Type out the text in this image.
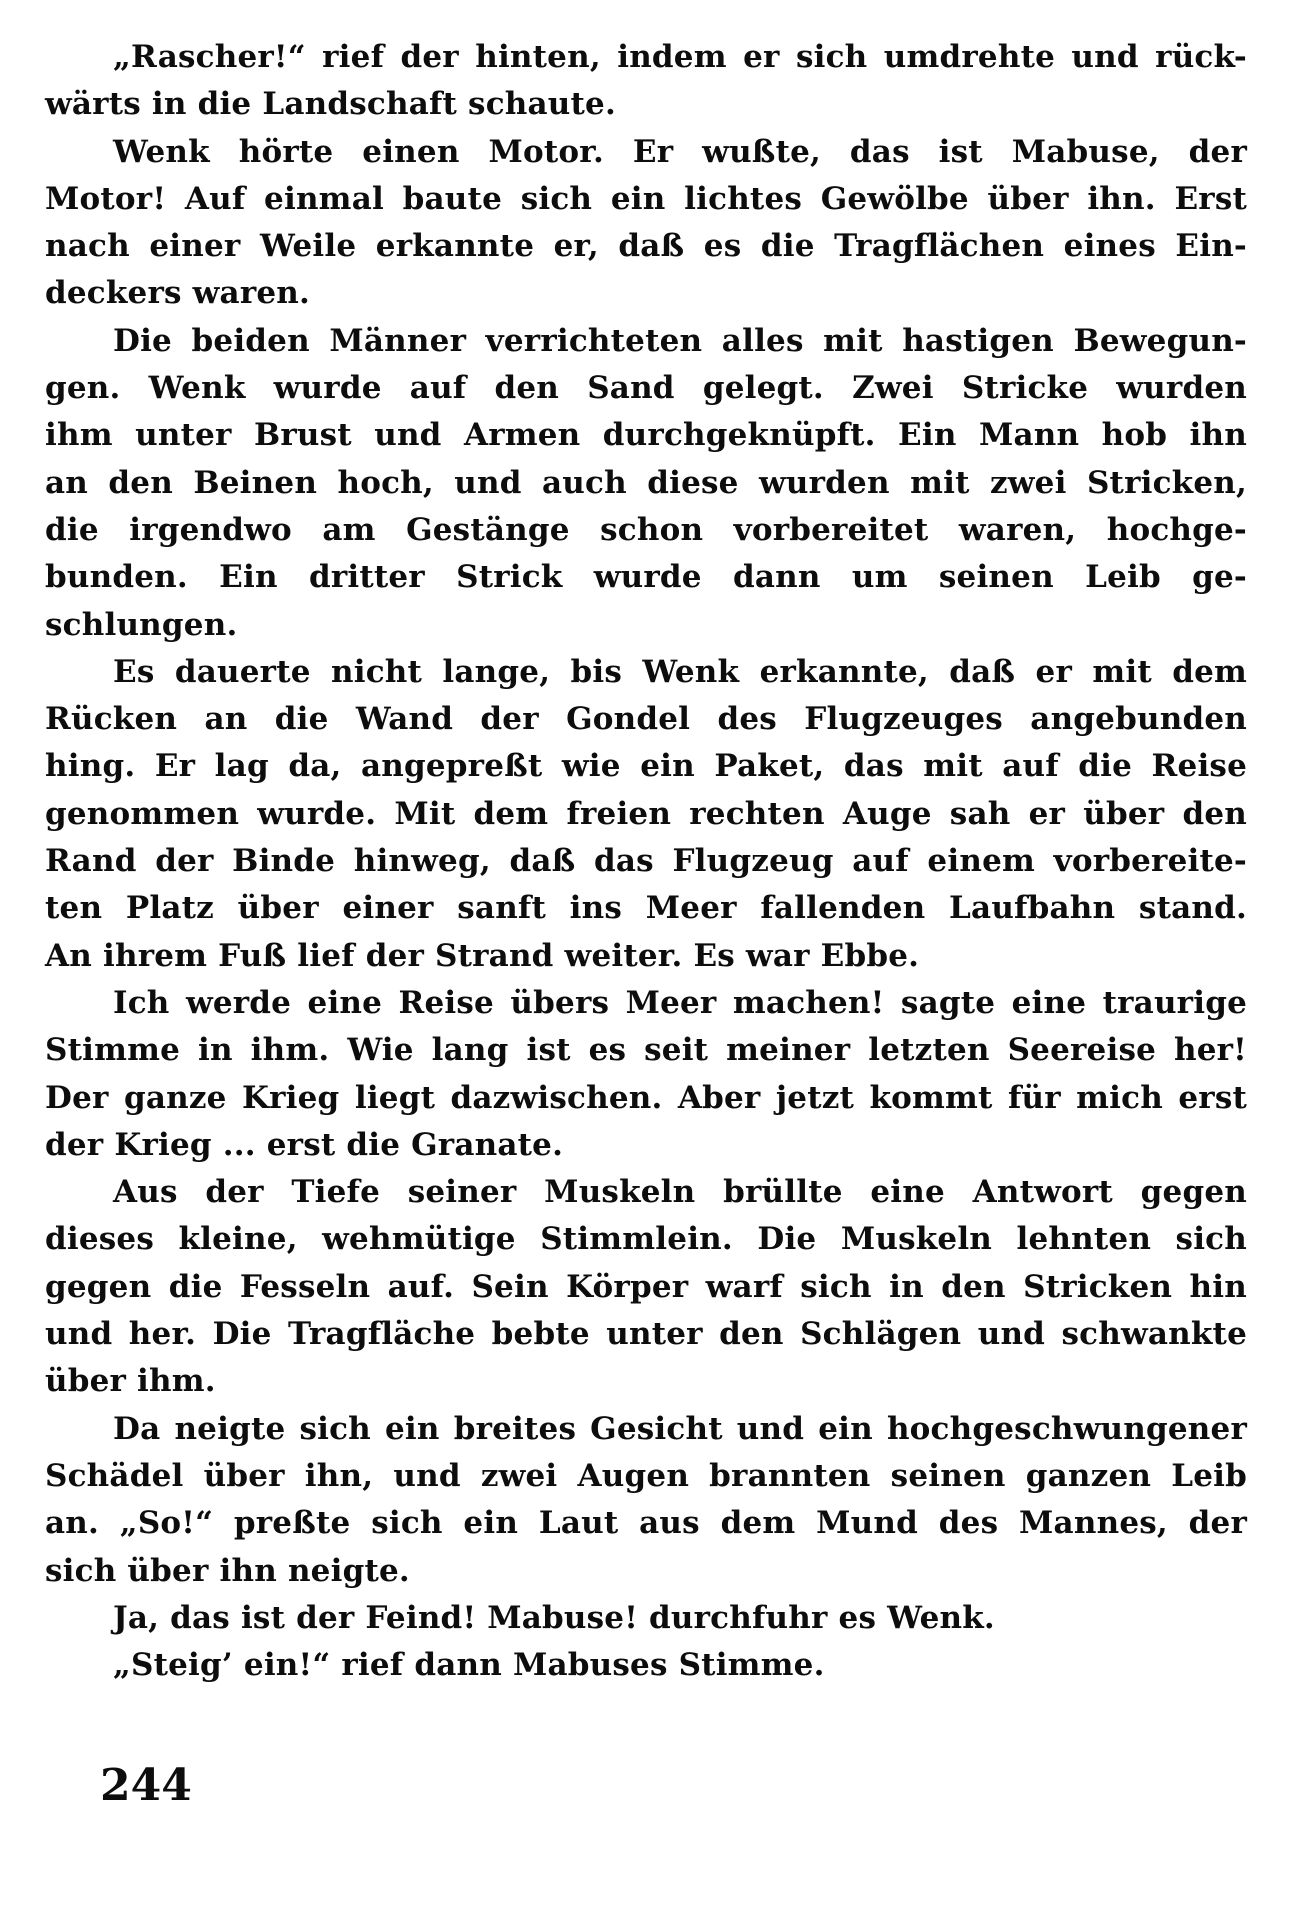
„Rascher!“ rief der hinten, indem er sich umdrehte und rück-
wärts in die Landschaft schaute.
Wenk hörte einen Motor. Er wußte, das ist Mabuse, der
Motor! Auf einmal baute sich ein lichtes Gewölbe über ihn. Erst
nach einer Weile erkannte er, daß es die Tragflächen eines Ein-
deckers waren.
Die beiden Männer verrichteten alles mit hastigen Bewegun-
gen. Wenk wurde auf den Sand gelegt. Zwei Stricke wurden
ihm unter Brust und Armen durchgeknüpft. Ein Mann hob ihn
an den Beinen hoch, und auch diese wurden mit zwei Stricken,
die irgendwo am Gestänge schon vorbereitet waren, hochge-
bunden. Ein dritter Strick wurde dann um seinen Leib ge-
schlungen.
Es dauerte nicht lange, bis Wenk erkannte, daß er mit dem
Rücken an die Wand der Gondel des Flugzeuges angebunden
hing. Er lag da, angepreßt wie ein Paket, das mit auf die Reise
genommen wurde. Mit dem freien rechten Auge sah er über den
Rand der Binde hinweg, daß das Flugzeug auf einem vorbereite-
ten Platz über einer sanft ins Meer fallenden Laufbahn stand.
An ihrem Fuß lief der Strand weiter. Es war Ebbe.
Ich werde eine Reise übers Meer machen! sagte eine traurige
Stimme in ihm. Wie lang ist es seit meiner letzten Seereise her!
Der ganze Krieg liegt dazwischen. Aber jetzt kommt für mich erst
der Krieg ... erst die Granate.
Aus der Tiefe seiner Muskeln brüllte eine Antwort gegen
dieses kleine, wehmütige Stimmlein. Die Muskeln lehnten sich
gegen die Fesseln auf. Sein Körper warf sich in den Stricken hin
und her. Die Tragfläche bebte unter den Schlägen und schwankte
über ihm.
Da neigte sich ein breites Gesicht und ein hochgeschwungener
Schädel über ihn, und zwei Augen brannten seinen ganzen Leib
an. „So!“ preßte sich ein Laut aus dem Mund des Mannes, der
sich über ihn neigte.
Ja, das ist der Feind! Mabuse! durchfuhr es Wenk.
„Steig’ ein!“ rief dann Mabuses Stimme.
244
